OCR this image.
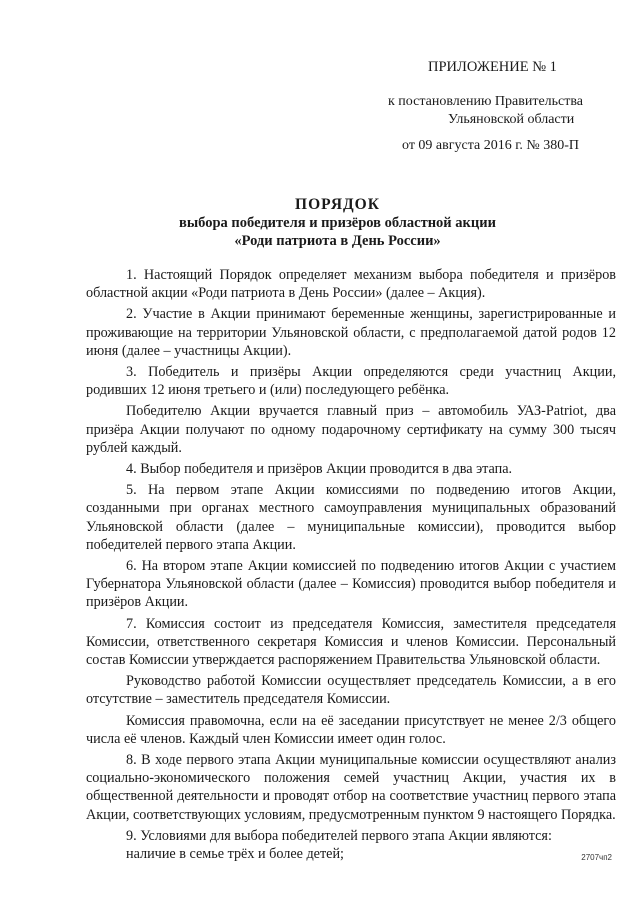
ПРИЛОЖЕНИЕ № 1
к постановлению Правительства
Ульяновской области
от 09 августа 2016 г. № 380-П
ПОРЯДОК
выбора победителя и призёров областной акции
«Роди патриота в День России»

1. Настоящий Порядок определяет механизм выбора победителя и призёров областной акции «Роди патриота в День России» (далее – Акция).

2. Участие в Акции принимают беременные женщины, зарегистрированные и проживающие на территории Ульяновской области, с предполагаемой датой родов 12 июня (далее – участницы Акции).

3. Победитель и призёры Акции определяются среди участниц Акции, родивших 12 июня третьего и (или) последующего ребёнка.

Победителю Акции вручается главный приз – автомобиль УАЗ-Patriot, два призёра Акции получают по одному подарочному сертификату на сумму 300 тысяч рублей каждый.

4. Выбор победителя и призёров Акции проводится в два этапа.

5. На первом этапе Акции комиссиями по подведению итогов Акции, созданными при органах местного самоуправления муниципальных образований Ульяновской области (далее – муниципальные комиссии), проводится выбор победителей первого этапа Акции.

6. На втором этапе Акции комиссией по подведению итогов Акции с участием Губернатора Ульяновской области (далее – Комиссия) проводится выбор победителя и призёров Акции.

7. Комиссия состоит из председателя Комиссия, заместителя председателя Комиссии, ответственного секретаря Комиссия и членов Комиссии. Персональный состав Комиссии утверждается распоряжением Правительства Ульяновской области.

Руководство работой Комиссии осуществляет председатель Комиссии, а в его отсутствие – заместитель председателя Комиссии.

Комиссия правомочна, если на её заседании присутствует не менее 2/3 общего числа её членов. Каждый член Комиссии имеет один голос.

8. В ходе первого этапа Акции муниципальные комиссии осуществляют анализ социально-экономического положения семей участниц Акции, участия их в общественной деятельности и проводят отбор на соответствие участниц первого этапа Акции, соответствующих условиям, предусмотренным пунктом 9 настоящего Порядка.

9. Условиями для выбора победителей первого этапа Акции являются:

наличие в семье трёх и более детей;	2707чп2
